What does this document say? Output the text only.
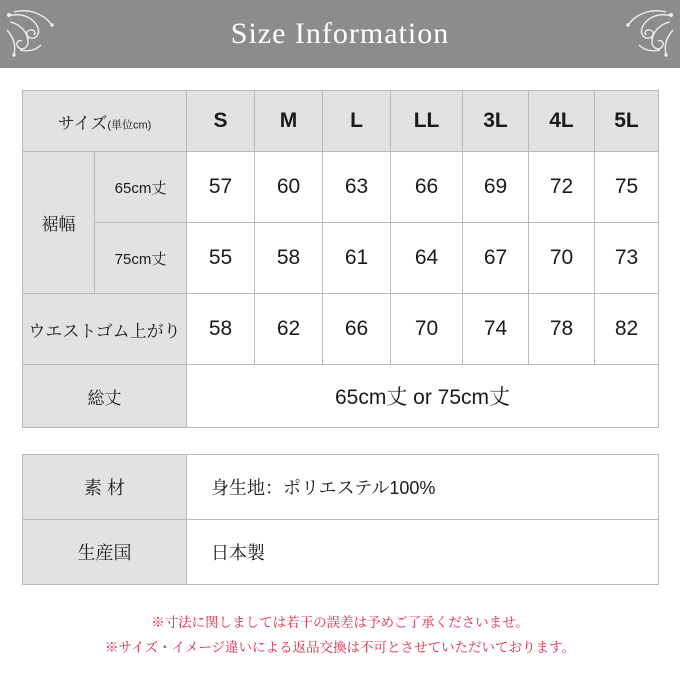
Size Information
サイズ(単位cm)		S	M	L	LL	3L	4L	5L
裾幅	65cm丈	57	60	63	66	69	72	75
	75cm丈	55	58	61	64	67	70	73
ウエストゴム上がり		58	62	66	70	74	78	82
総丈		65cm丈 or 75cm丈						
素 材	身生地：ポリエステル100%
生産国	日本製
※寸法に関しましては若干の誤差は予めご了承くださいませ。
※サイズ・イメージ違いによる返品交換は不可とさせていただいております。
